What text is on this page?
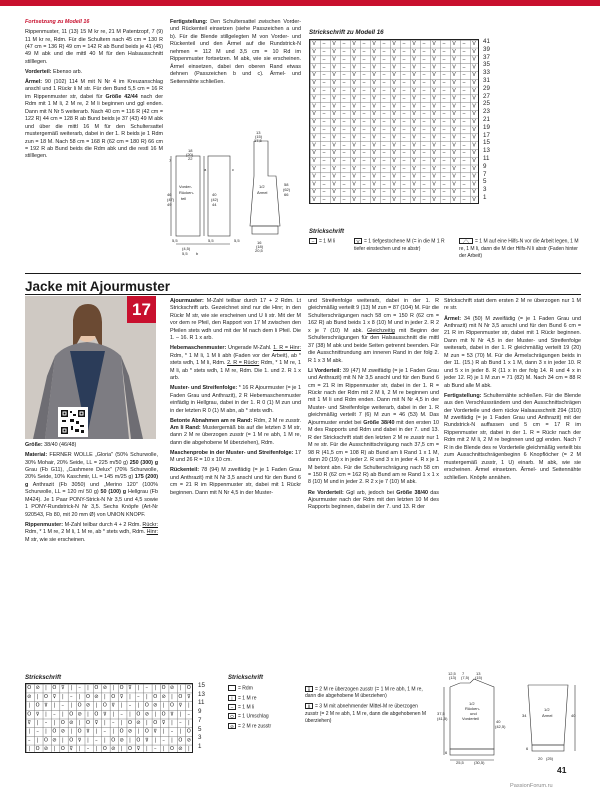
Fortsetzung zu Modell 16
Rippenmuster, 11 (13) 15 M kr re, 21 M Patentzopf, 7 (9) 11 M kr re, Rdm. Für die Schultern nach 45 cm = 130 R (47 cm = 136 R) 49 cm = 142 R ab Bund beids je 41 (45) 49 M abk und die mittl 40 M für den Halsausschnitt stilllegen.
Vorderteil: Ebenso arb.
Ärmel: 90 (102) 114 M mit N Nr 4 im Kreuzanschlag anschl und 1 Rückr li M str. Für den Bund 5,5 cm = 16 R im Rippenmuster str, dabei für Größe 42/44 nach der Rdm mit 1 M li, 2 M re, 2 M li beginnen und ggl enden. Dann mit N Nr 5 weiterarb. Nach 40 cm = 116 R (42 cm = 122 R) 44 cm = 128 R ab Bund beids je 37 (43) 49 M abk und über die mittl 16 M für den Schultersattel mustergemäß weiterarb, dabei in der 1. R beids je 1 Rdm zun = 18 M. Nach 58 cm = 168 R (62 cm = 180 R) 66 cm = 192 R ab Bund beids die Rdm abk und die restl 16 M stilllegen.
Fertigstellung: Den Schultersattel zwischen Vorder- und Rückenteil einsetzen (siehe Passzeichen a und b). Für die Blende stillgelegten M von Vorder- und Rückenteil und den Ärmel auf die Rundstrick-N nehmen = 112 M und 3,5 cm = 10 Rd im Rippenmuster fortsetzen. M abk, wie sie erscheinen. Ärmel einsetzen, dabei den oberen Rand etwas dehnen (Passzeichen b und c). Ärmel- und Seitennähte schließen.
7
18
(20)
22
Vorder-
Rücken-
teil
46
(47)
49
40
(42)
44
5,5	5,5
13
(15)
17,5
1/2
Ärmel
58
(62)
66
16
(18)
20,5
5,5
(4,5)
5,5 b
c
a
Strickschrift zu Modell 16
V – V – V – V – V – V – V – V – V
V – V – V – V – V – V – V – V – V
V – V – V – V – V – V – V – V – V
V – V – V – V – V – V – V – V – V
V – V – V – V – V – V – V – V – V
V – V – V – V – V – V – V – V – V
V – V – V – V – V – V – V – V – V
V – V – V – V – V – V – V – V – V
V – V – V – V – V – V – V – V – V
V – V – V – V – V – V – V – V – V
V – V – V – V – V – V – V – V – V
V – V – V – V – V – V – V – V – V
V – V – V – V – V – V – V – V – V
V – V – V – V – V – V – V – V – V
V – V – V – V – V – V – V – V – V
V – V – V – V – V – V – V – V – V
V – V – V – V – V – V – V – V – V
V – V – V – V – V – V – V – V – V
V – V – V – V – V – V – V – V – V
V – V – V – V – V – V – V – V – V
V – V – V – V – V – V – V – V – V
41
39
37
35
33
31
29
27
25
23
21
19
17
15
13
11
9
7
5
3
1
Strickschrift
– = 1 M li	V = 1 tiefgestochene M (= in die M 1 R tiefer einstechen und re abstr)
⟋⟍ = 1 M auf eine Hilfs-N vor die Arbeit legen, 1 M re, 1 M li, dann die M der Hilfs-N li abstr (Faden hinter der Arbeit)
Jacke mit Ajourmuster
17
Größe: 38/40 (46/48)
Material: FERNER WOLLE „Gloria" (50% Schurwolle, 30% Mohair, 20% Seide, LL = 225 m/50 g) 250 (300) g Grau (Fb G11), „Cashmere Delux" (70% Schurwolle, 20% Seide, 10% Kaschmir, LL = 145 m/25 g) 175 (200) g Anthrazit (Fb 3050) und „Merino 120" (100% Schurwolle, LL = 120 m/ 50 g) 50 (100) g Hellgrau (Fb M424). Je 1 Paar PONY-Strick-N Nr 3,5 und 4,5 sowie 1 PONY-Rundstrick-N Nr 3,5. Sechs Knöpfe (Art-Nr 920543, Fb 80, mit 20 mm Ø) von UNION KNOPF.
Rippenmuster: M-Zahl teilbar durch 4 + 2 Rdm. Rückr: Rdm, * 1 M re, 2 M li, 1 M re, ab * stets wdh, Rdm. Hinr: M str, wie sie erscheinen.
Ajourmuster: M-Zahl teilbar durch 17 + 2 Rdm. Lt Strickschrift arb. Gezeichnet sind nur die Hinr; in den Rückr M str, wie sie erscheinen und U li str. Mit der M vor dem re Pfeil, den Rapport von 17 M zwischen den Pfeilen stets wdh und mit der M nach dem li Pfeil. Die 1. – 16. R 1 x arb.
Hebemaschenmuster: Ungerade M-Zahl. 1. R = Hinr: Rdm, * 1 M li, 1 M li abh (Faden vor der Arbeit), ab * stets wdh, 1 M li, Rdm. 2. R = Rückr: Rdm, * 1 M re, 1 M li, ab * stets wdh, 1 M re, Rdm. Die 1. und 2. R 1 x arb.
Muster- und Streifenfolge: * 16 R Ajourmuster (= je 1 Faden Grau und Anthrazit), 2 R Hebemaschenmuster einfädig in Hellgrau, dabei in der 1. R 0 (1) M zun und in der letzten R 0 (1) M abn, ab * stets wdh.
Betonte Abnahmen am re Rand: Rdm, 2 M re zusstr. Am li Rand: Mustergemäß bis auf die letzten 3 M str, dann 2 M re überzogen zusstr (= 1 M re abh, 1 M re, dann die abgehobene M überziehen), Rdm.
Maschenprobe in der Muster- und Streifenfolge: 17 M und 26 R = 10 x 10 cm.
Rückenteil: 78 (94) M zweifädig (= je 1 Faden Grau und Anthrazit) mit N Nr 3,5 anschl und für den Bund 6 cm = 21 R im Rippenmuster str, dabei mit 1 Rückr beginnen. Dann mit N Nr 4,5 in der Muster-
und Streifenfolge weiterarb, dabei in der 1. R gleichmäßig verteilt 9 (13) M zun = 87 (104) M. Für die Schulterschrägungen nach 58 cm = 150 R (62 cm = 162 R) ab Bund beids 1 x 8 (10) M und in jeder 2. R 2 x je 7 (10) M abk. Gleichzeitig mit Beginn der Schulterschrägungen für den Halsausschnitt die mittl 37 (38) M abk und beide Seiten getrennt beenden. Für die Ausschnittrundung am inneren Rand in der folg 2. R 1 x 3 M abk.
Li Vorderteil: 39 (47) M zweifädig (= je 1 Faden Grau und Anthrazit) mit N Nr 3,5 anschl und für den Bund 6 cm = 21 R im Rippenmuster str, dabei in der 1. R = Rückr nach der Rdm mit 2 M li, 2 M re beginnen und mit 1 M li und Rdm enden. Dann mit N Nr 4,5 in der Muster- und Streifenfolge weiterarb, dabei in der 1. R gleichmäßig verteilt 7 (6) M zun = 46 (53) M. Das Ajourmuster endet bei Größe 38/40 mit den ersten 10 M des Rapports und Rdm und dabei in der 7. und 13. R der Strickschrift statt den letzten 2 M re zusstr nur 1 M re str. Für die Ausschnittschrägung nach 37,5 cm = 98 R (41,5 cm = 108 R) ab Bund am li Rand 1 x 1 M, dann 20 (19) x in jeder 2. R und 3 x in jeder 4. R x je 1 M betont abn. Für die Schulterschrägung nach 58 cm = 150 R (62 cm = 162 R) ab Bund am re Rand 1 x 1 x 8 (10) M und in jeder 2. R 2 x je 7 (10) M abk.
Re Vorderteil: Ggl arb, jedoch bei Größe 38/40 das Ajourmuster nach der Rdm mit den letzten 10 M des Rapports beginnen, dabei in der 7. und 13. R der
Strickschrift statt dem ersten 2 M re überzogen nur 1 M re str.
Ärmel: 34 (50) M zweifädig (= je 1 Faden Grau und Anthrazit) mit N Nr 3,5 anschl und für den Bund 6 cm = 21 R im Rippenmuster str, dabei mit 1 Rückr beginnen. Dann mit N Nr 4,5 in der Muster- und Streifenfolge weiterarb, dabei in der 1. R gleichmäßig verteilt 19 (20) M zun = 53 (70) M. Für die Ärmelschrägungen beids in der 11. (15.) R ab Bund 1 x 1 M, dann 3 x in jeder 10. R und 5 x in jeder 8. R (11 x in der folg 14. R und 4 x in jeder 12. R) je 1 M zun = 71 (82) M. Nach 34 cm = 88 R ab Bund alle M abk.
Fertigstellung: Schulternähte schließen. Für die Blende aus den Verschlussrändern und den Ausschnittschrägen der Vorderteile und dem rückw Halsausschnitt 294 (310) M zweifädig (= je 1 Faden Grau und Anthrazit) mit der Rundstrick-N auffassen und 5 cm = 17 R im Rippenmuster str, dabei in der 1. R = Rückr nach der Rdm mit 2 M li, 2 M re beginnen und ggl enden. Nach 7 R in die Blende des re Vorderteile gleichmäßig verteilt bis zum Ausschnittschrägenbeginn 6 Knopflöcher (= 2 M mustergemäß zusstr, 1 U) einarb. M abk, wie sie erscheinen. Ärmel einsetzen. Ärmel- und Seitennähte schließen. Knöpfe annähen.
Strickschrift
O ⊘ | O ⊽ | – | O ⊘ | O ⊽ | – | O ⊘ | O
⊘ | O ⊽ | – | O ⊘ | O ⊽ | – | O ⊘ | O ⊽
| O ⊽ | – | O ⊘ | O ⊽ | – | O ⊘ | O ⊽ |
O ⊽ | – | O ⊘ | O ⊽ | – | O ⊘ | O ⊽ | –
⊽ | – | O ⊘ | O ⊽ | – | O ⊘ | O ⊽ | – |
| – | O ⊘ | O ⊽ | – | O ⊘ | O ⊽ | – | O
– | O ⊘ | O ⊽ | – | O ⊘ | O ⊽ | – | O ⊘
| O ⊘ | O ⊽ | – | O ⊘ | O ⊽ | – | O ⊘ |
15
13
11
9
7
5
3
1
Strickschrift
= Rdm
| = 1 M re
– = 1 M li
O = 1 Umschlag
⊘ = 2 M re zusstr
⊽ = 2 M re überzogen zusstr (= 1 M re abh, 1 M re, dann die abgehobene M überziehen)
⊻ = 3 M mit abnehmender Mittel-M re überzogen zusstr (= 2 M re abh, 1 M re, dann die abgehobenen M überziehen)
12,5
(13)
7
(7,5)
13
(15)
1/2
Rücken-
und
Vorderteil
37,5
(41,5)
40
(42,5)
6
25,5	(30,5)
1/2
Ärmel
34	40
6
20 (25)
41
PassionForum.ru
